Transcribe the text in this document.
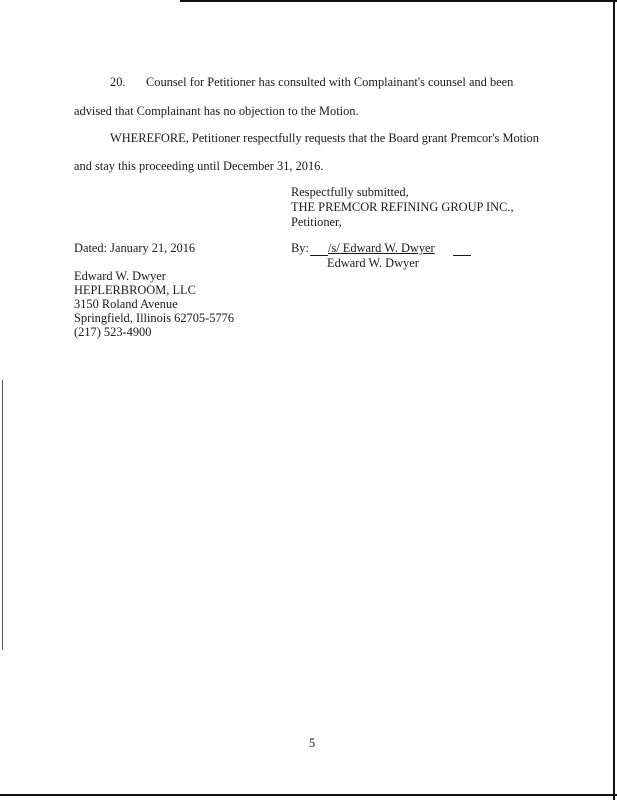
20. Counsel for Petitioner has consulted with Complainant's counsel and been
advised that Complainant has no objection to the Motion.
WHEREFORE, Petitioner respectfully requests that the Board grant Premcor's Motion
and stay this proceeding until December 31, 2016.
Respectfully submitted,
THE PREMCOR REFINING GROUP INC.,
Petitioner,
Dated: January 21, 2016	By: /s/ Edward W. Dwyer
Edward W. Dwyer
Edward W. Dwyer
HEPLERBROOM, LLC
3150 Roland Avenue
Springfield, Illinois 62705-5776
(217) 523-4900
5
